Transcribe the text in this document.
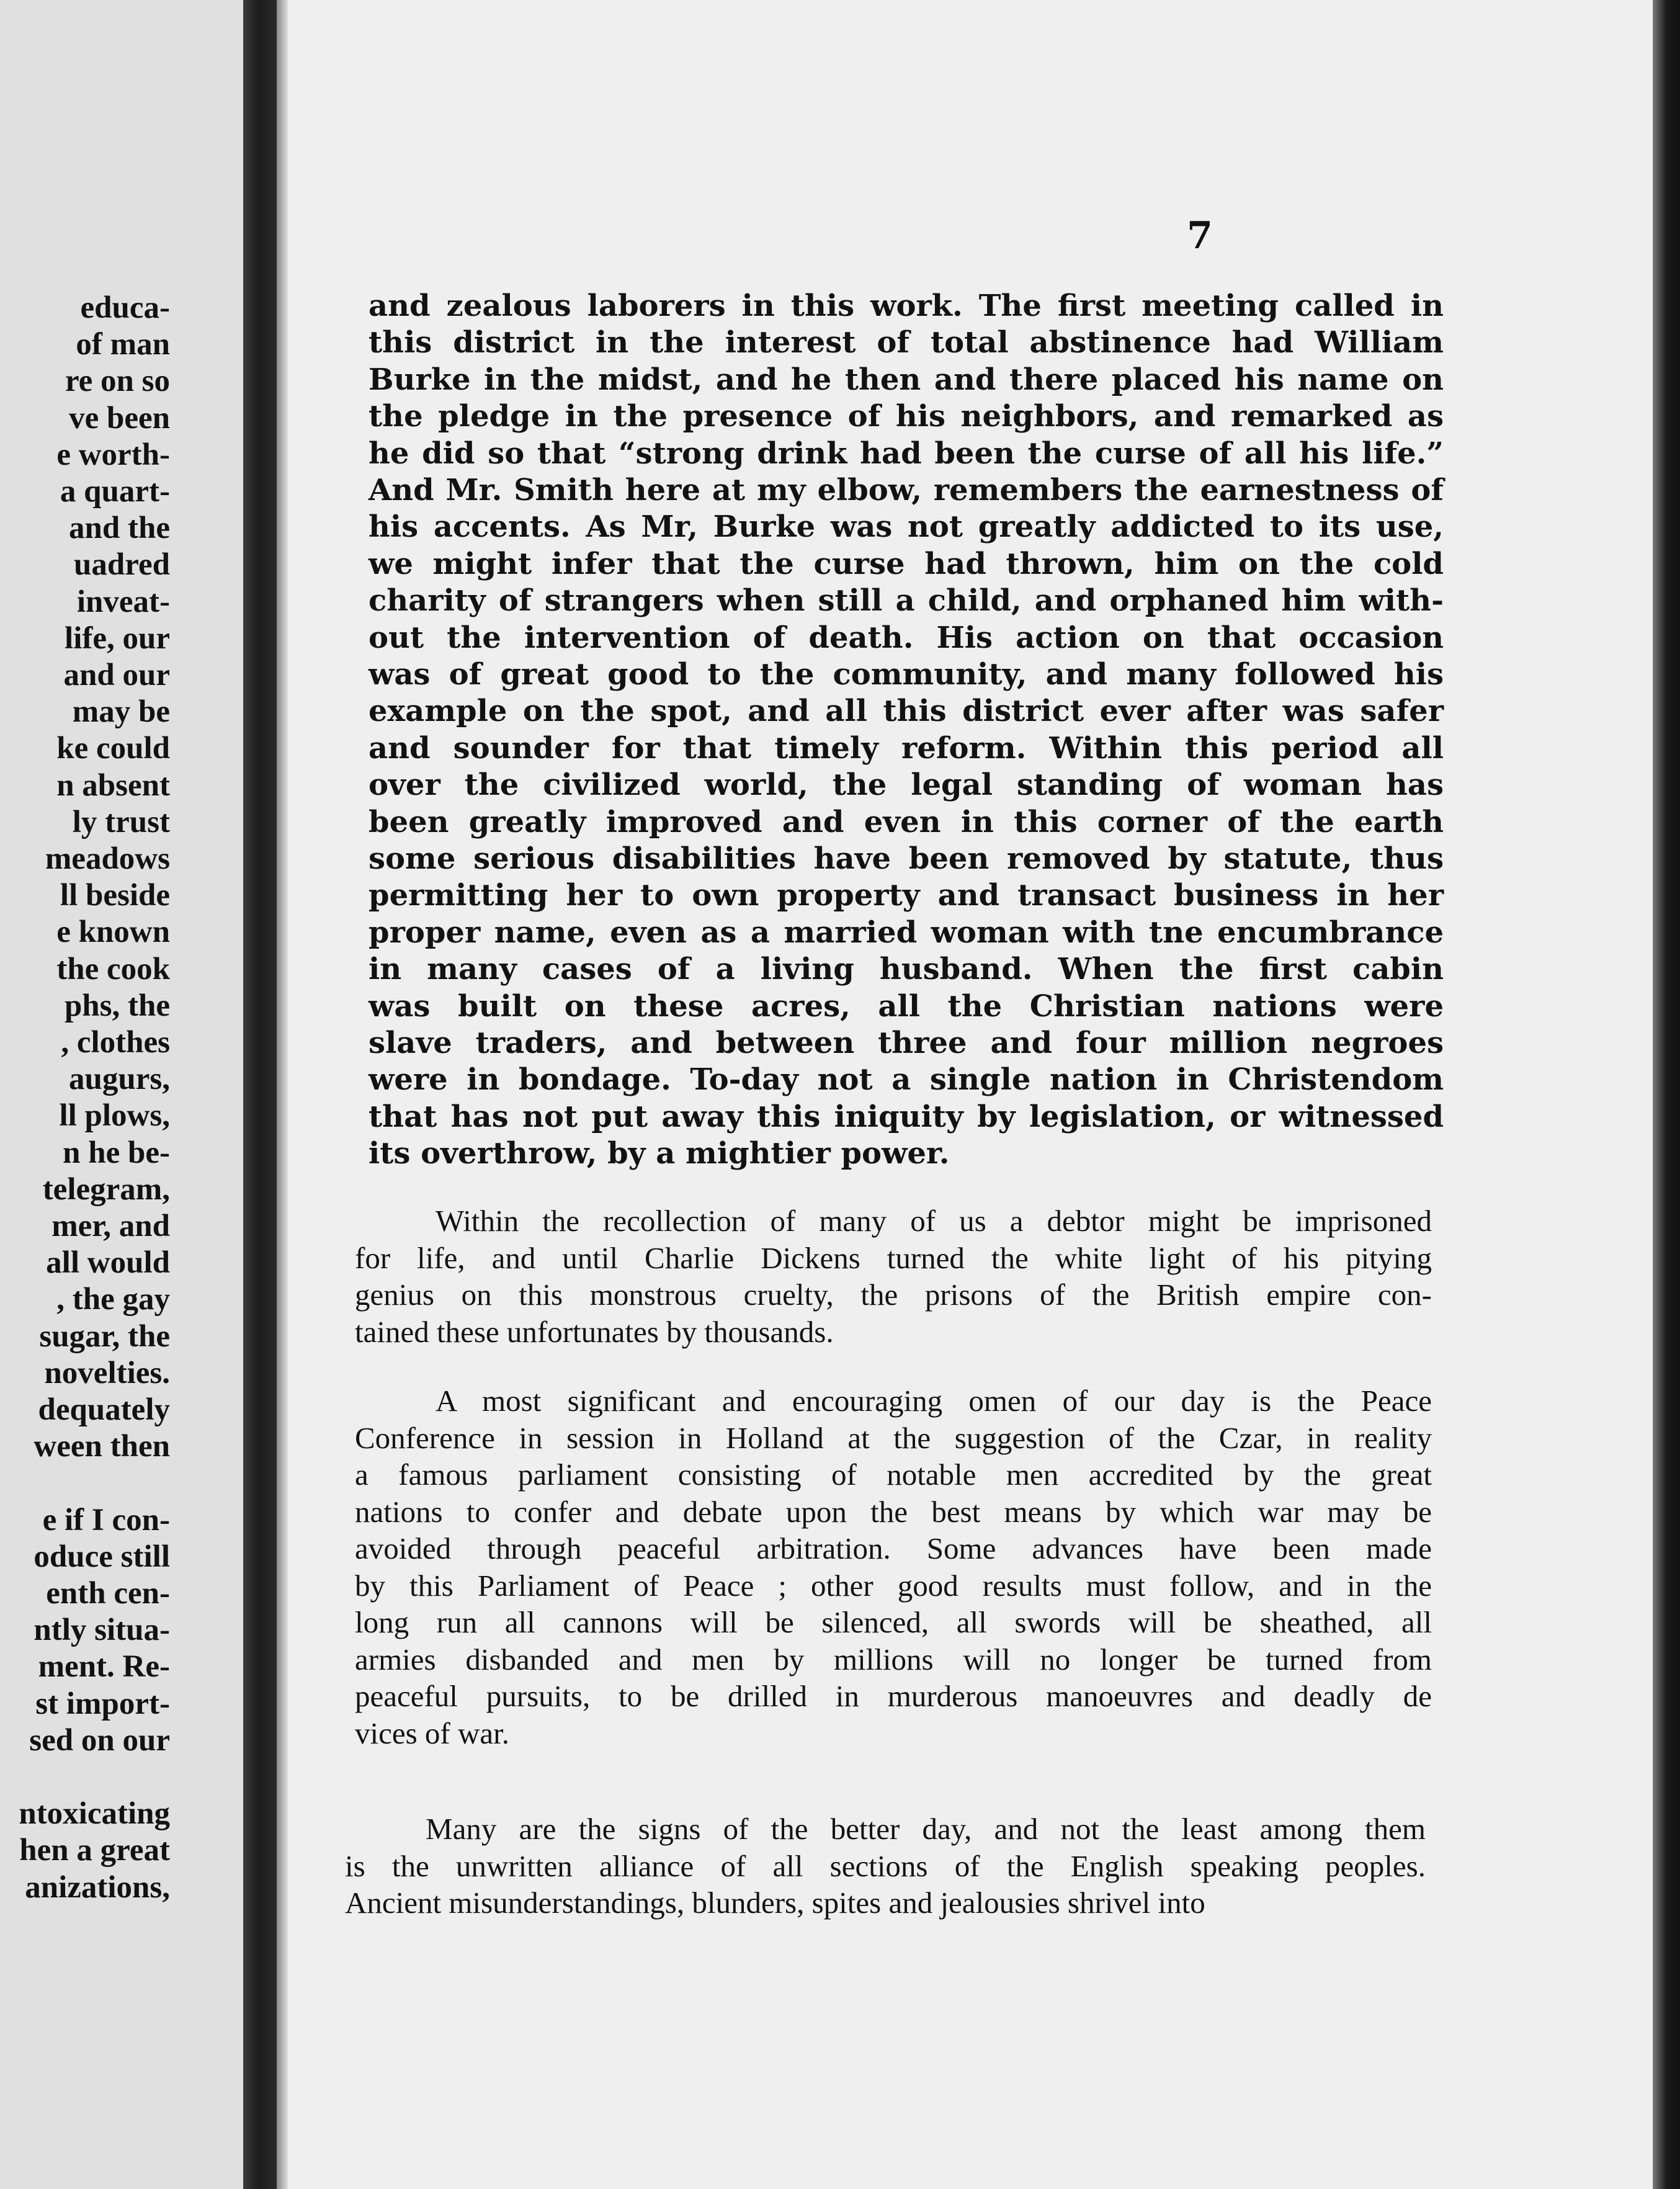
educa-
of man
re on so
ve been
e worth-
a quart-
and the
uadred
inveat-
life, our
and our
may be
ke could
n absent
ly trust
meadows
ll beside
e known
the cook
phs, the
, clothes
augurs,
ll plows,
n he be-
telegram,
mer, and
all would
, the gay
sugar, the
novelties.
dequately
ween then
e if I con-
oduce still
enth cen-
ntly situa-
ment. Re-
st import-
sed on our
ntoxicating
hen a great
anizations,
7
and zealous laborers in this work. The first meeting called in
this district in the interest of total abstinence had William
Burke in the midst, and he then and there placed his name on
the pledge in the presence of his neighbors, and remarked as
he did so that “strong drink had been the curse of all his life.”
And Mr. Smith here at my elbow, remembers the earnestness of
his accents. As Mr, Burke was not greatly addicted to its use,
we might infer that the curse had thrown, him on the cold
charity of strangers when still a child, and orphaned him with-
out the intervention of death. His action on that occasion
was of great good to the community, and many followed his
example on the spot, and all this district ever after was safer
and sounder for that timely reform. Within this period all
over the civilized world, the legal standing of woman has
been greatly improved and even in this corner of the earth
some serious disabilities have been removed by statute, thus
permitting her to own property and transact business in her
proper name, even as a married woman with tne encumbrance
in many cases of a living husband. When the first cabin
was built on these acres, all the Christian nations were
slave traders, and between three and four million negroes
were in bondage. To-day not a single nation in Christendom
that has not put away this iniquity by legislation, or witnessed
its overthrow, by a mightier power.
Within the recollection of many of us a debtor might be imprisoned
for life, and until Charlie Dickens turned the white light of his pitying
genius on this monstrous cruelty, the prisons of the British empire con-
tained these unfortunates by thousands.
A most significant and encouraging omen of our day is the Peace
Conference in session in Holland at the suggestion of the Czar, in reality
a famous parliament consisting of notable men accredited by the great
nations to confer and debate upon the best means by which war may be
avoided through peaceful arbitration. Some advances have been made
by this Parliament of Peace ; other good results must follow, and in the
long run all cannons will be silenced, all swords will be sheathed, all
armies disbanded and men by millions will no longer be turned from
peaceful pursuits, to be drilled in murderous manoeuvres and deadly de
vices of war.
Many are the signs of the better day, and not the least among them
is the unwritten alliance of all sections of the English speaking peoples.
Ancient misunderstandings, blunders, spites and jealousies shrivel into
